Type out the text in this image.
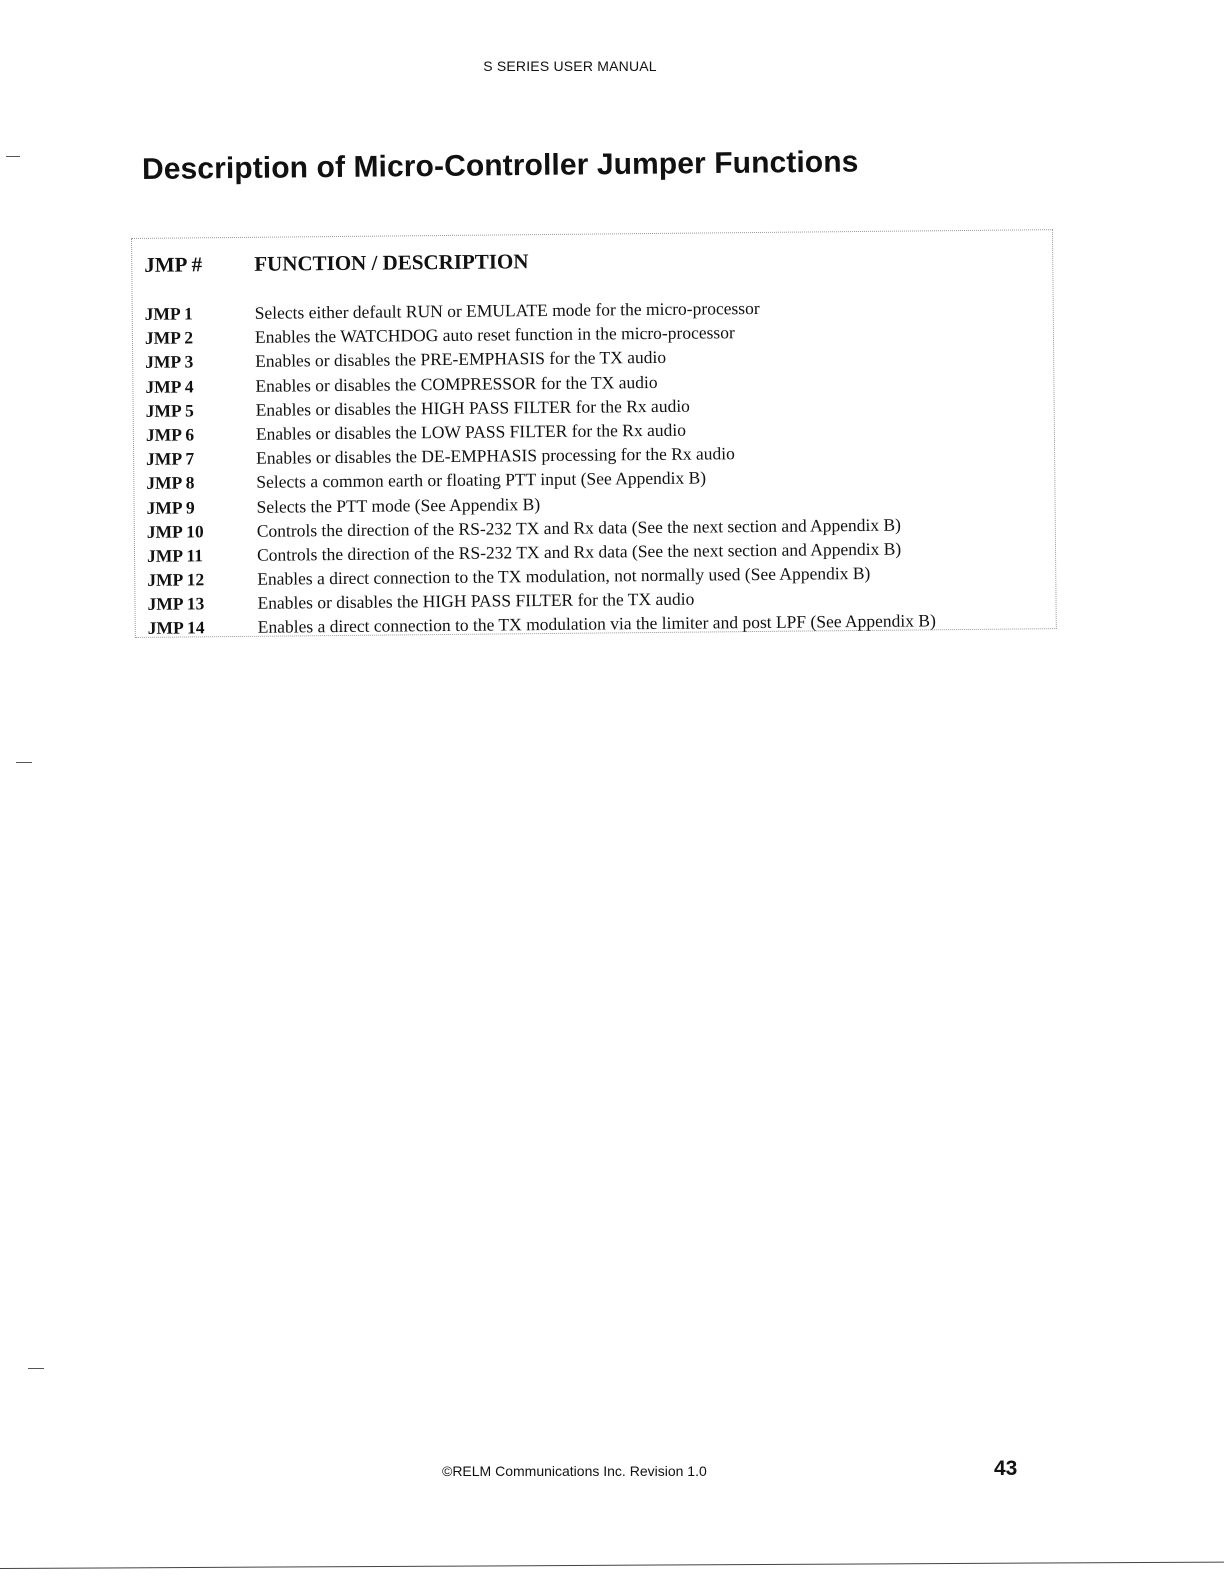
S SERIES USER MANUAL
Description of Micro-Controller Jumper Functions
JMP #	FUNCTION / DESCRIPTION
JMP 1	Selects either default RUN or EMULATE mode for the micro-processor
JMP 2	Enables the WATCHDOG auto reset function in the micro-processor
JMP 3	Enables or disables the PRE-EMPHASIS for the TX audio
JMP 4	Enables or disables the COMPRESSOR for the TX audio
JMP 5	Enables or disables the HIGH PASS FILTER for the Rx audio
JMP 6	Enables or disables the LOW PASS FILTER for the Rx audio
JMP 7	Enables or disables the DE-EMPHASIS processing for the Rx audio
JMP 8	Selects a common earth or floating PTT input (See Appendix B)
JMP 9	Selects the PTT mode (See Appendix B)
JMP 10	Controls the direction of the RS-232 TX and Rx data (See the next section and Appendix B)
JMP 11	Controls the direction of the RS-232 TX and Rx data (See the next section and Appendix B)
JMP 12	Enables a direct connection to the TX modulation, not normally used (See Appendix B)
JMP 13	Enables or disables the HIGH PASS FILTER for the TX audio
JMP 14	Enables a direct connection to the TX modulation via the limiter and post LPF (See Appendix B)
©RELM Communications Inc. Revision 1.0	43
